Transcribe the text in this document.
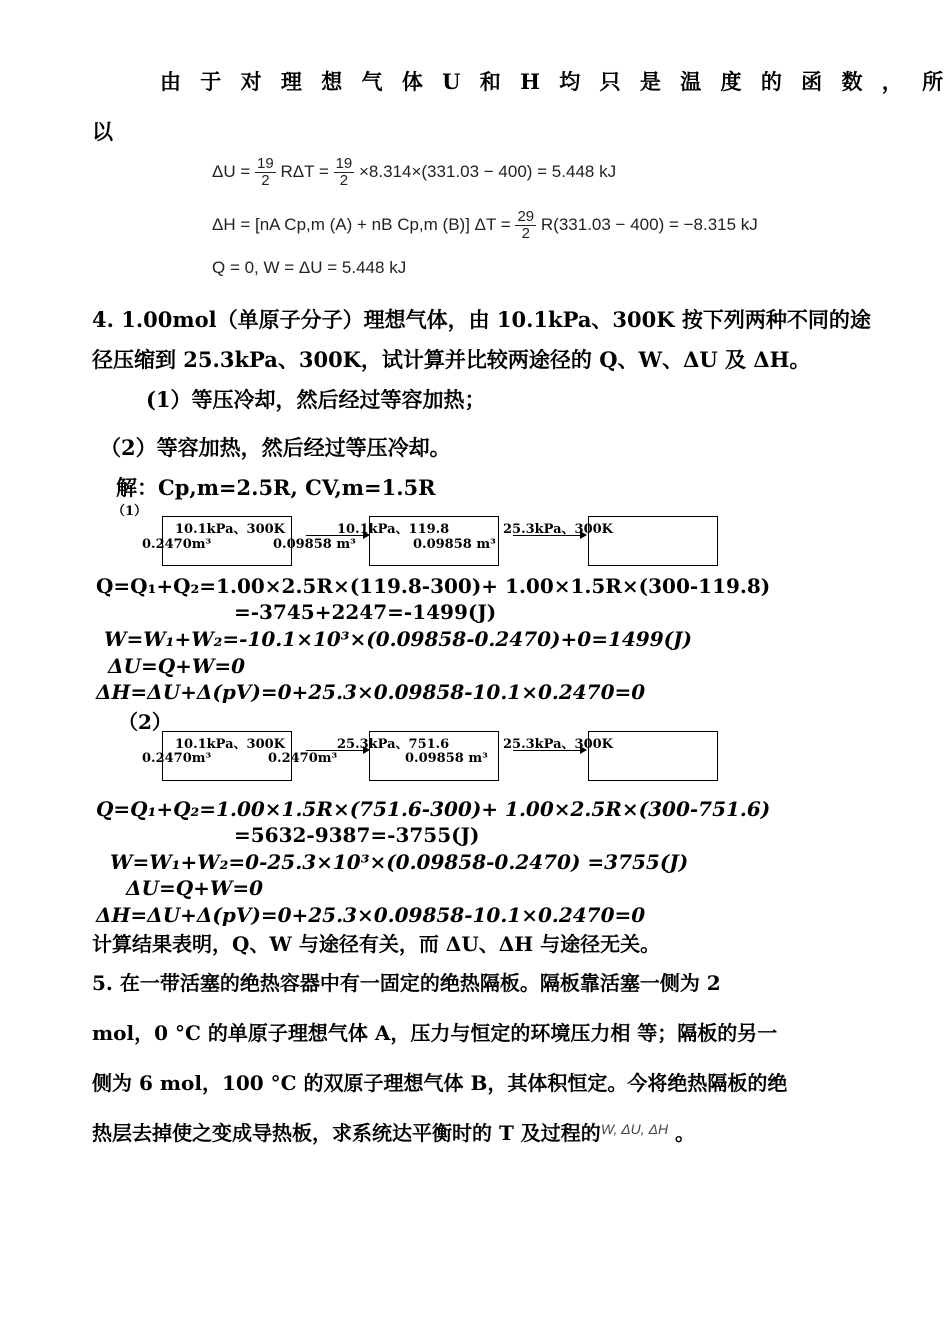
由 于 对 理 想 气 体 U 和 H 均 只 是 温 度 的 函 数 ， 所
以
$\Delta U = \frac{19}{2}$ $R\Delta T = \frac{19}{2} \times 8.314\times(331.03 - 400) = 5.448$ kJ
ΔH = [nA Cp,m (A) + nB Cp,m (B)] $\Delta T = \frac{29}{2} R(331.03 - 400) = -8.315$ kJ
Q = 0, W = ΔU = 5.448 kJ
4. 1.00mol（单原子分子）理想气体，由 10.1kPa、300K 按下列两种不同的途
径压缩到 25.3kPa、300K，试计算并比较两途径的 Q、W、ΔU 及 ΔH。
(1）等压冷却，然后经过等容加热；
（2）等容加热，然后经过等压冷却。
解：Cp,m=2.5R, CV,m=1.5R
（1）
10.1kPa、300K
0.2470m³
10.1kPa、119.8
0.09858 m³	0.09858 m³
25.3kPa、300K
Q=Q₁+Q₂=1.00×2.5R×(119.8-300)+ 1.00×1.5R×(300-119.8)
=-3745+2247=-1499(J)
W=W₁+W₂=-10.1×10³×(0.09858-0.2470)+0=1499(J)
ΔU=Q+W=0
ΔH=ΔU+Δ(pV)=0+25.3×0.09858-10.1×0.2470=0
（2）
10.1kPa、300K
0.2470m³
25.3kPa、751.6
0.2470m³	0.09858 m³
25.3kPa、300K
Q=Q₁+Q₂=1.00×1.5R×(751.6-300)+ 1.00×2.5R×(300-751.6)
=5632-9387=-3755(J)
W=W₁+W₂=0-25.3×10³×(0.09858-0.2470) =3755(J)
ΔU=Q+W=0
ΔH=ΔU+Δ(pV)=0+25.3×0.09858-10.1×0.2470=0
计算结果表明，Q、W 与途径有关，而 ΔU、ΔH 与途径无关。
5. 在一带活塞的绝热容器中有一固定的绝热隔板。隔板靠活塞一侧为 2
mol，0 °C 的单原子理想气体 A，压力与恒定的环境压力相 等；隔板的另一
侧为 6 mol，100 °C 的双原子理想气体 B，其体积恒定。今将绝热隔板的绝
热层去掉使之变成导热板，求系统达平衡时的 T 及过程的$^{W, \Delta U, \Delta H}$ 。
